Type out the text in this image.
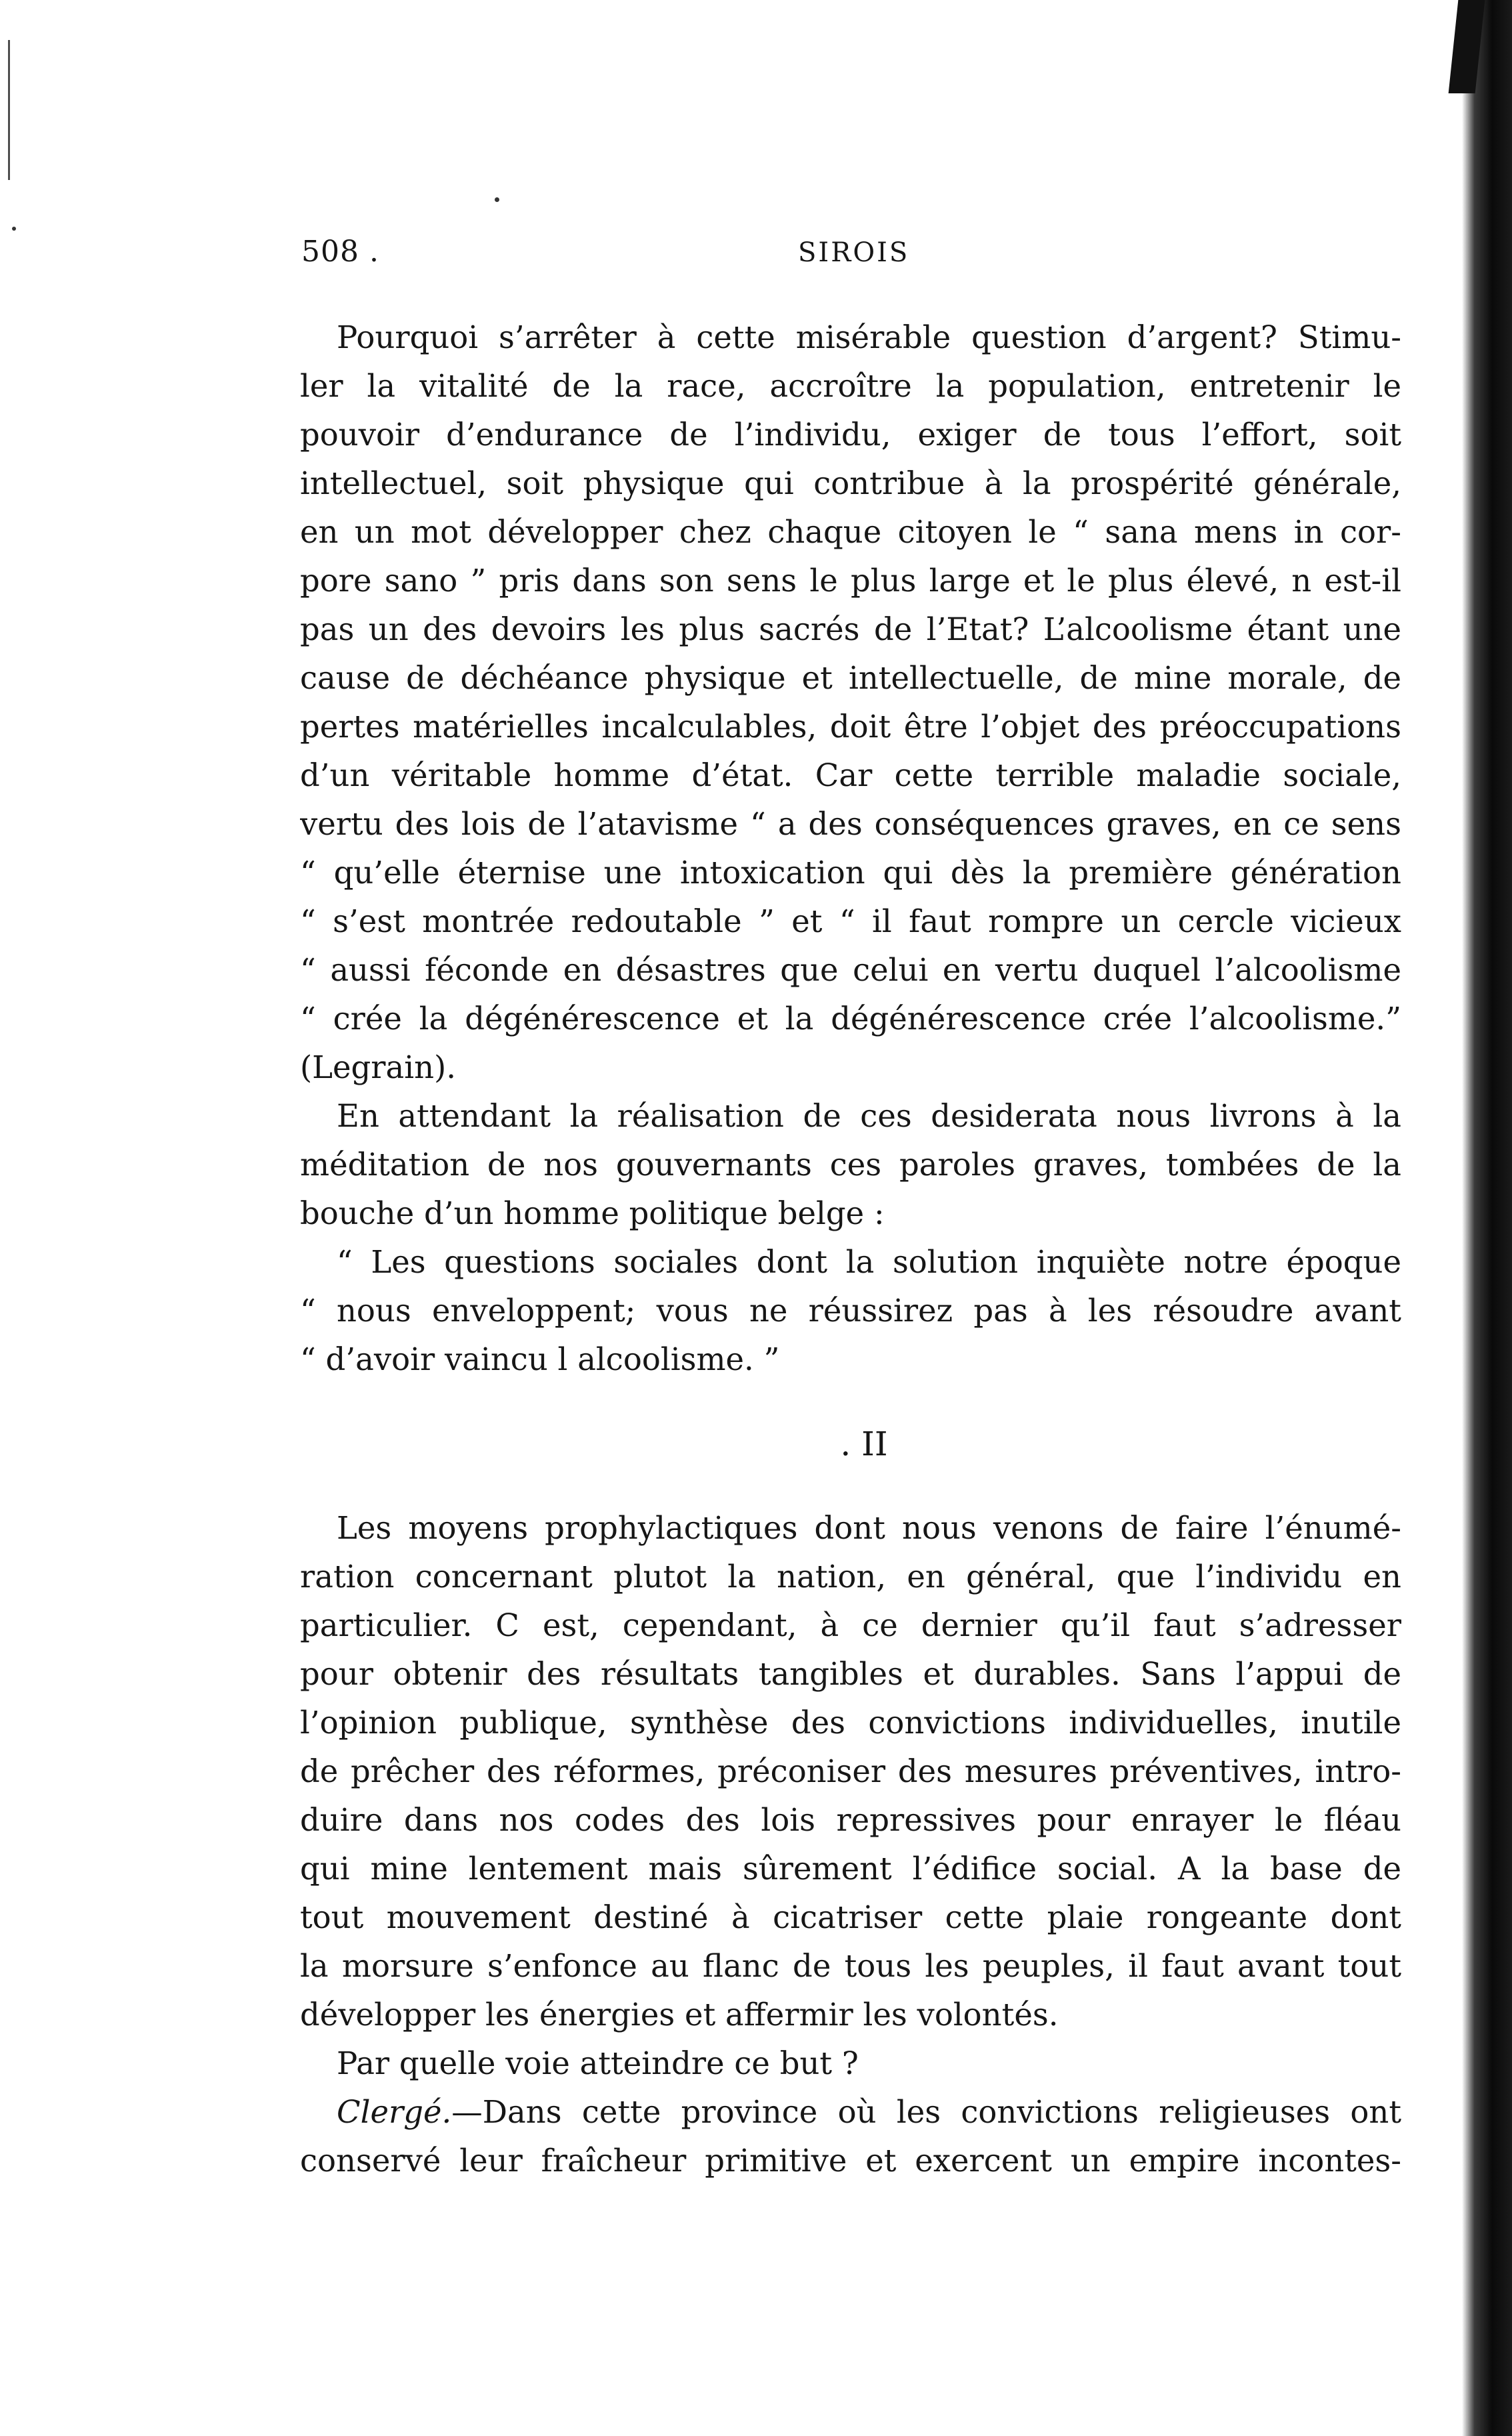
508 .	SIROIS
Pourquoi s’arrêter à cette misérable question d’argent? Stimu-
ler la vitalité de la race, accroître la population, entretenir le
pouvoir d’endurance de l’individu, exiger de tous l’effort, soit
intellectuel, soit physique qui contribue à la prospérité générale,
en un mot développer chez chaque citoyen le “ sana mens in cor-
pore sano ” pris dans son sens le plus large et le plus élevé, n est-il
pas un des devoirs les plus sacrés de l’Etat? L’alcoolisme étant une
cause de déchéance physique et intellectuelle, de mine morale, de
pertes matérielles incalculables, doit être l’objet des préoccupations
d’un véritable homme d’état. Car cette terrible maladie sociale,
vertu des lois de l’atavisme “ a des conséquences graves, en ce sens
“ qu’elle éternise une intoxication qui dès la première génération
“ s’est montrée redoutable ” et “ il faut rompre un cercle vicieux
“ aussi féconde en désastres que celui en vertu duquel l’alcoolisme
“ crée la dégénérescence et la dégénérescence crée l’alcoolisme.”
(Legrain).
En attendant la réalisation de ces desiderata nous livrons à la
méditation de nos gouvernants ces paroles graves, tombées de la
bouche d’un homme politique belge :
“ Les questions sociales dont la solution inquiète notre époque
“ nous enveloppent; vous ne réussirez pas à les résoudre avant
“ d’avoir vaincu l alcoolisme. ”
. II
Les moyens prophylactiques dont nous venons de faire l’énumé-
ration concernant plutot la nation, en général, que l’individu en
particulier. C est, cependant, à ce dernier qu’il faut s’adresser
pour obtenir des résultats tangibles et durables. Sans l’appui de
l’opinion publique, synthèse des convictions individuelles, inutile
de prêcher des réformes, préconiser des mesures préventives, intro-
duire dans nos codes des lois repressives pour enrayer le fléau
qui mine lentement mais sûrement l’édifice social. A la base de
tout mouvement destiné à cicatriser cette plaie rongeante dont
la morsure s’enfonce au flanc de tous les peuples, il faut avant tout
développer les énergies et affermir les volontés.
Par quelle voie atteindre ce but ?
Clergé.—Dans cette province où les convictions religieuses ont
conservé leur fraîcheur primitive et exercent un empire incontes-
